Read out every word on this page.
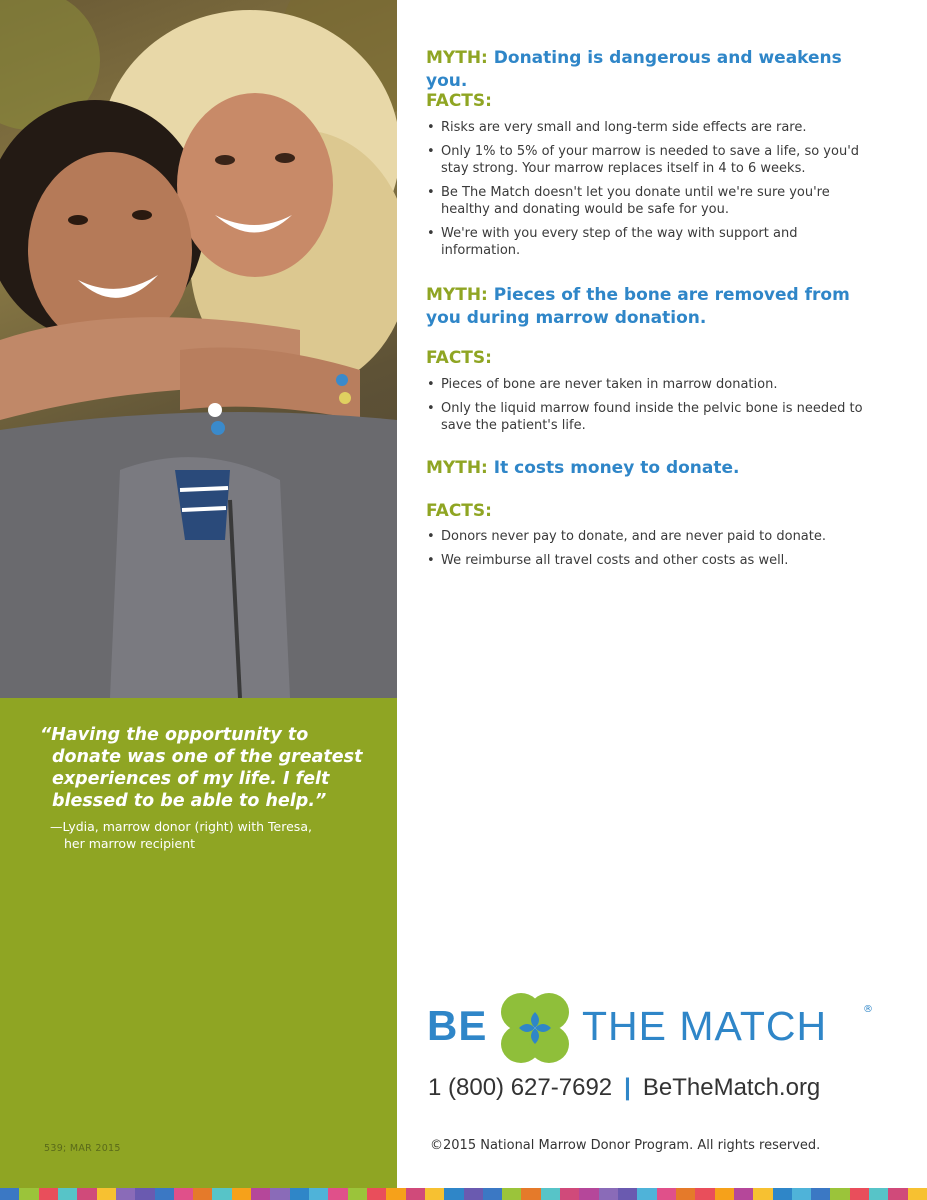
“Having the opportunity to
donate was one of the greatest
experiences of my life. I felt
blessed to be able to help.”

—Lydia, marrow donor (right) with Teresa,
her marrow recipient

539; MAR 2015
MYTH: Donating is dangerous and weakens you.
FACTS:
• Risks are very small and long-term side effects are rare.
• Only 1% to 5% of your marrow is needed to save a life, so you'd stay strong. Your marrow replaces itself in 4 to 6 weeks.
• Be The Match doesn't let you donate until we're sure you're healthy and donating would be safe for you.
• We're with you every step of the way with support and information.
MYTH: Pieces of the bone are removed from you during marrow donation.
FACTS:
• Pieces of bone are never taken in marrow donation.
• Only the liquid marrow found inside the pelvic bone is needed to save the patient's life.
MYTH: It costs money to donate.
FACTS:
• Donors never pay to donate, and are never paid to donate.
• We reimburse all travel costs and other costs as well.
BE THE MATCH	®
1 (800) 627-7692 | BeTheMatch.org
©2015 National Marrow Donor Program. All rights reserved.
